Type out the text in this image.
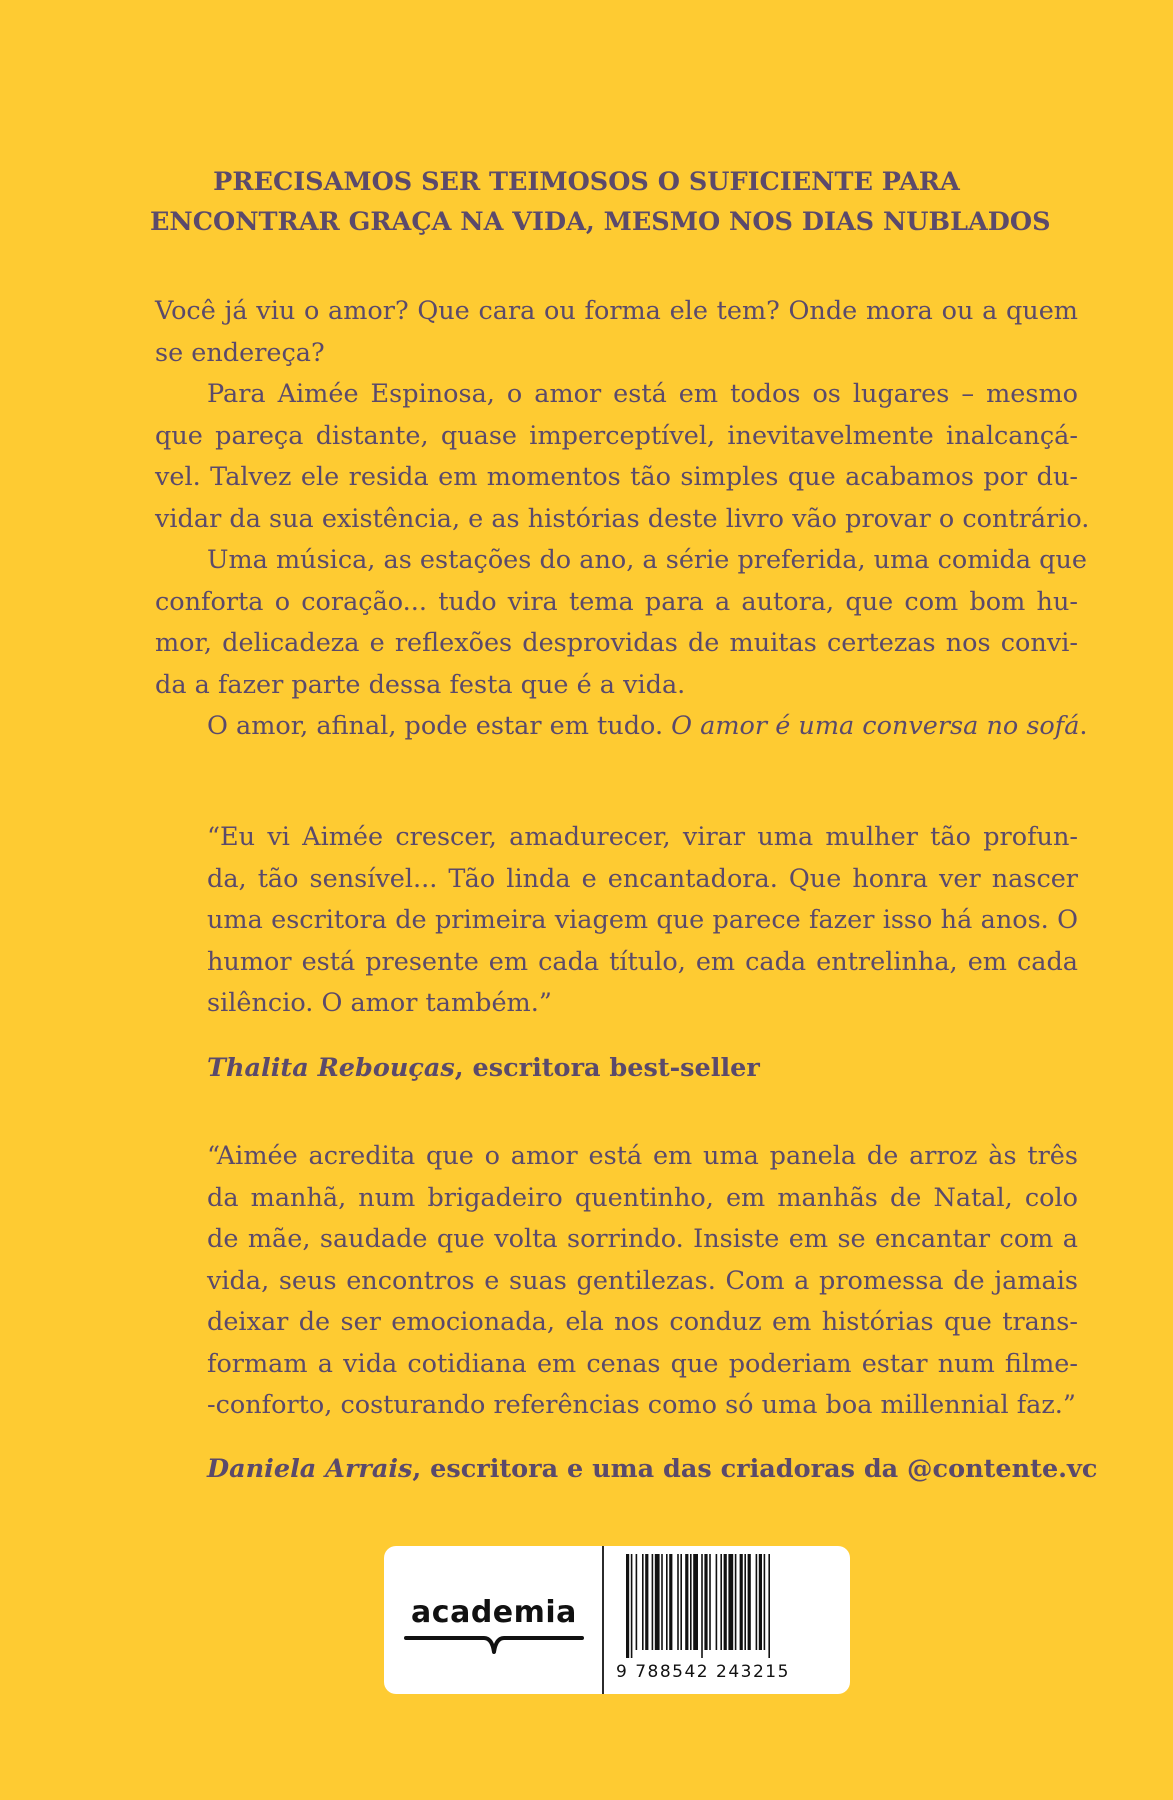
PRECISAMOS SER TEIMOSOS O SUFICIENTE PARA
ENCONTRAR GRAÇA NA VIDA, MESMO NOS DIAS NUBLADOS
Você já viu o amor? Que cara ou forma ele tem? Onde mora ou a quem
se endereça?
Para Aimée Espinosa, o amor está em todos os lugares – mesmo
que pareça distante, quase imperceptível, inevitavelmente inalcançá-
vel. Talvez ele resida em momentos tão simples que acabamos por du-
vidar da sua existência, e as histórias deste livro vão provar o contrário.
Uma música, as estações do ano, a série preferida, uma comida que
conforta o coração... tudo vira tema para a autora, que com bom hu-
mor, delicadeza e reflexões desprovidas de muitas certezas nos convi-
da a fazer parte dessa festa que é a vida.
O amor, afinal, pode estar em tudo. O amor é uma conversa no sofá.
“Eu vi Aimée crescer, amadurecer, virar uma mulher tão profun-
da, tão sensível... Tão linda e encantadora. Que honra ver nascer
uma escritora de primeira viagem que parece fazer isso há anos. O
humor está presente em cada título, em cada entrelinha, em cada
silêncio. O amor também.”
Thalita Rebouças, escritora best-seller
“Aimée acredita que o amor está em uma panela de arroz às três
da manhã, num brigadeiro quentinho, em manhãs de Natal, colo
de mãe, saudade que volta sorrindo. Insiste em se encantar com a
vida, seus encontros e suas gentilezas. Com a promessa de jamais
deixar de ser emocionada, ela nos conduz em histórias que trans-
formam a vida cotidiana em cenas que poderiam estar num filme-
-conforto, costurando referências como só uma boa millennial faz.”
Daniela Arrais, escritora e uma das criadoras da @contente.vc
academia
9 788542 243215
